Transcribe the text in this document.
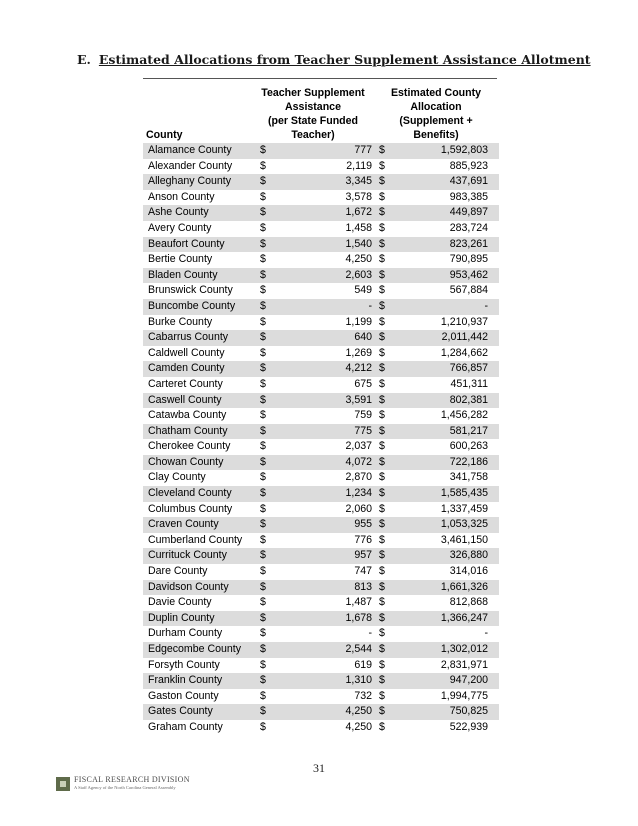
E. Estimated Allocations from Teacher Supplement Assistance Allotment
County
Teacher Supplement
Assistance
(per State Funded
Teacher)
Estimated County
Allocation
(Supplement +
Benefits)
Alamance County	$	777	$	1,592,803
Alexander County	$	2,119	$	885,923
Alleghany County	$	3,345	$	437,691
Anson County	$	3,578	$	983,385
Ashe County	$	1,672	$	449,897
Avery County	$	1,458	$	283,724
Beaufort County	$	1,540	$	823,261
Bertie County	$	4,250	$	790,895
Bladen County	$	2,603	$	953,462
Brunswick County	$	549	$	567,884
Buncombe County	$	-	$	-
Burke County	$	1,199	$	1,210,937
Cabarrus County	$	640	$	2,011,442
Caldwell County	$	1,269	$	1,284,662
Camden County	$	4,212	$	766,857
Carteret County	$	675	$	451,311
Caswell County	$	3,591	$	802,381
Catawba County	$	759	$	1,456,282
Chatham County	$	775	$	581,217
Cherokee County	$	2,037	$	600,263
Chowan County	$	4,072	$	722,186
Clay County	$	2,870	$	341,758
Cleveland County	$	1,234	$	1,585,435
Columbus County	$	2,060	$	1,337,459
Craven County	$	955	$	1,053,325
Cumberland County	$	776	$	3,461,150
Currituck County	$	957	$	326,880
Dare County	$	747	$	314,016
Davidson County	$	813	$	1,661,326
Davie County	$	1,487	$	812,868
Duplin County	$	1,678	$	1,366,247
Durham County	$	-	$	-
Edgecombe County	$	2,544	$	1,302,012
Forsyth County	$	619	$	2,831,971
Franklin County	$	1,310	$	947,200
Gaston County	$	732	$	1,994,775
Gates County	$	4,250	$	750,825
Graham County	$	4,250	$	522,939
31
FISCAL RESEARCH DIVISION
A Staff Agency of the North Carolina General Assembly
